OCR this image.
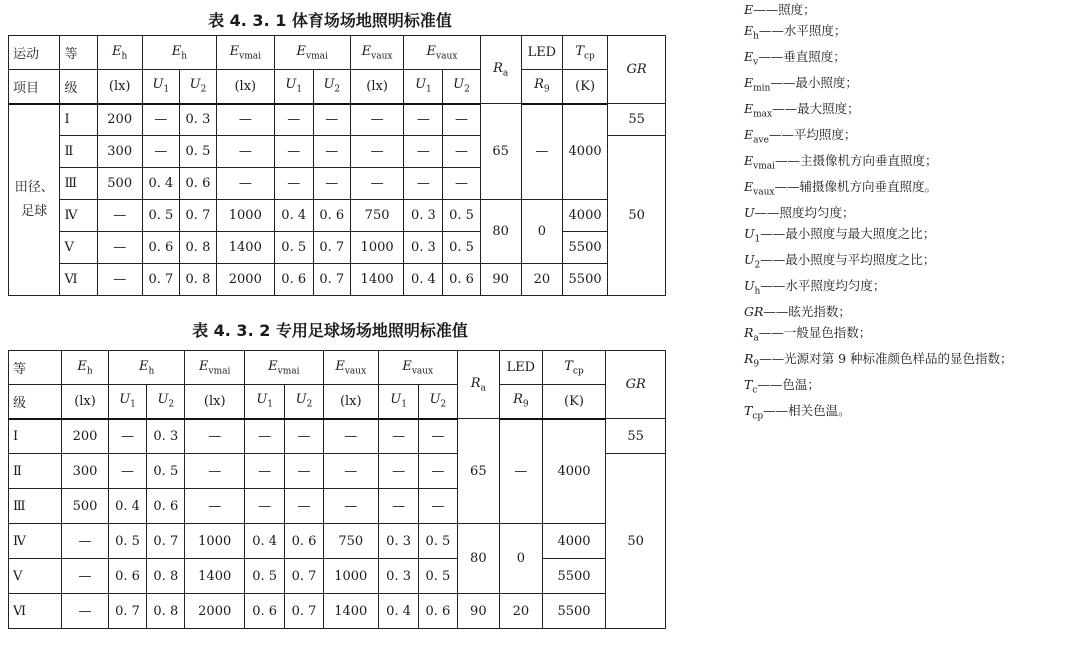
表 4. 3. 1 体育场场地照明标准值
运动	等	$E_h$	$E_h$		$E_{vmai}$	$E_{vmai}$		$E_{vaux}$	$E_{vaux}$		$R_a$	LED	$T_{cp}$	GR
项目	级	(lx)	$U_1$	$U_2$	(lx)	$U_1$	$U_2$	(lx)	$U_1$	$U_2$		$R_9$	(K)	
田径、足球	Ⅰ	200	—	0. 3	—	—	—	—	—	—	65	—	4000	55
	Ⅱ	300	—	0. 5	—	—	—	—	—	—				50
	Ⅲ	500	0. 4	0. 6	—	—	—	—	—	—				
	Ⅳ	—	0. 5	0. 7	1000	0. 4	0. 6	750	0. 3	0. 5	80	0	4000	
	Ⅴ	—	0. 6	0. 8	1400	0. 5	0. 7	1000	0. 3	0. 5			5500	
	Ⅵ	—	0. 7	0. 8	2000	0. 6	0. 7	1400	0. 4	0. 6	90	20	5500	
表 4. 3. 2 专用足球场场地照明标准值
等	$E_h$	$E_h$		$E_{vmai}$	$E_{vmai}$		$E_{vaux}$	$E_{vaux}$		$R_a$	LED	$T_{cp}$	GR
级	(lx)	$U_1$	$U_2$	(lx)	$U_1$	$U_2$	(lx)	$U_1$	$U_2$		$R_9$	(K)	
Ⅰ	200	—	0. 3	—	—	—	—	—	—	65	—	4000	55
Ⅱ	300	—	0. 5	—	—	—	—	—	—				50
Ⅲ	500	0. 4	0. 6	—	—	—	—	—	—				
Ⅳ	—	0. 5	0. 7	1000	0. 4	0. 6	750	0. 3	0. 5	80	0	4000	
Ⅴ	—	0. 6	0. 8	1400	0. 5	0. 7	1000	0. 3	0. 5			5500	
Ⅵ	—	0. 7	0. 8	2000	0. 6	0. 7	1400	0. 4	0. 6	90	20	5500	
E——照度；
$E_h——$水平照度；
$E_v——$垂直照度；
$E_{min}——$最小照度；
$E_{max}——$最大照度；
$E_{ave}——$平均照度；
$E_{vmai}——$主摄像机方向垂直照度；
$E_{vaux}——$辅摄像机方向垂直照度。
U——照度均匀度；
$U_1——$最小照度与最大照度之比；
$U_2——$最小照度与平均照度之比；
$U_h——$水平照度均匀度；
GR——眩光指数；
$R_a——$一般显色指数；
$R_9——$光源对第 9 种标准颜色样品的显色指数；
$T_c——$色温；
$T_{cp}——$相关色温。
